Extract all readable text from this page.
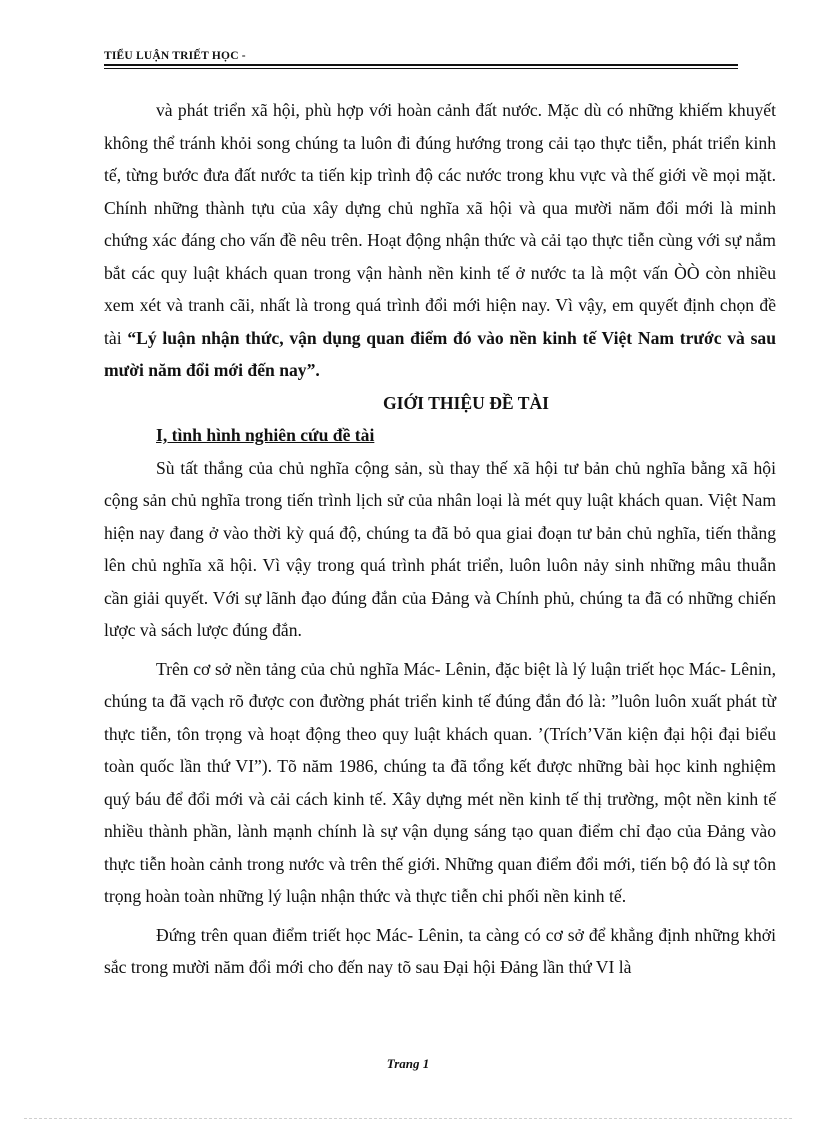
TIỂU LUẬN TRIẾT HỌC -

và phát triển xã hội, phù hợp với hoàn cảnh đất nước. Mặc dù có những khiếm khuyết không thể tránh khỏi song chúng ta luôn đi đúng hướng trong cải tạo thực tiễn, phát triển kinh tế, từng bước đưa đất nước ta tiến kịp trình độ các nước trong khu vực và thế giới về mọi mặt. Chính những thành tựu của xây dựng chủ nghĩa xã hội và qua mười năm đổi mới là minh chứng xác đáng cho vấn đề nêu trên. Hoạt động nhận thức và cải tạo thực tiễn cùng với sự nắm bắt các quy luật khách quan trong vận hành nền kinh tế ở nước ta là một vấn ÒÒ còn nhiều xem xét và tranh cãi, nhất là trong quá trình đổi mới hiện nay. Vì vậy, em quyết định chọn đề tài “Lý luận nhận thức, vận dụng quan điểm đó vào nền kinh tế Việt Nam trước và sau mười năm đổi mới đến nay”.

GIỚI THIỆU ĐỀ TÀI

I, tình hình nghiên cứu đề tài

Sù tất thắng của chủ nghĩa cộng sản, sù thay thế xã hội tư bản chủ nghĩa bằng xã hội cộng sản chủ nghĩa trong tiến trình lịch sử của nhân loại là mét quy luật khách quan. Việt Nam hiện nay đang ở vào thời kỳ quá độ, chúng ta đã bỏ qua giai đoạn tư bản chủ nghĩa, tiến thẳng lên chủ nghĩa xã hội. Vì vậy trong quá trình phát triển, luôn luôn nảy sinh những mâu thuẫn cần giải quyết. Với sự lãnh đạo đúng đắn của Đảng và Chính phủ, chúng ta đã có những chiến lược và sách lược đúng đắn.

Trên cơ sở nền tảng của chủ nghĩa Mác- Lênin, đặc biệt là lý luận triết học Mác- Lênin, chúng ta đã vạch rõ được con đường phát triển kinh tế đúng đắn đó là: ”luôn luôn xuất phát từ thực tiễn, tôn trọng và hoạt động theo quy luật khách quan. ’(Trích’Văn kiện đại hội đại biểu toàn quốc lần thứ VI”). Tõ năm 1986, chúng ta đã tổng kết được những bài học kinh nghiệm quý báu để đổi mới và cải cách kinh tế. Xây dựng mét nền kinh tế thị trường, một nền kinh tế nhiều thành phần, lành mạnh chính là sự vận dụng sáng tạo quan điểm chỉ đạo của Đảng vào thực tiễn hoàn cảnh trong nước và trên thế giới. Những quan điểm đổi mới, tiến bộ đó là sự tôn trọng hoàn toàn những lý luận nhận thức và thực tiễn chi phối nền kinh tế.

Đứng trên quan điểm triết học Mác- Lênin, ta càng có cơ sở để khẳng định những khởi sắc trong mười năm đổi mới cho đến nay tõ sau Đại hội Đảng lần thứ VI là

Trang 1
